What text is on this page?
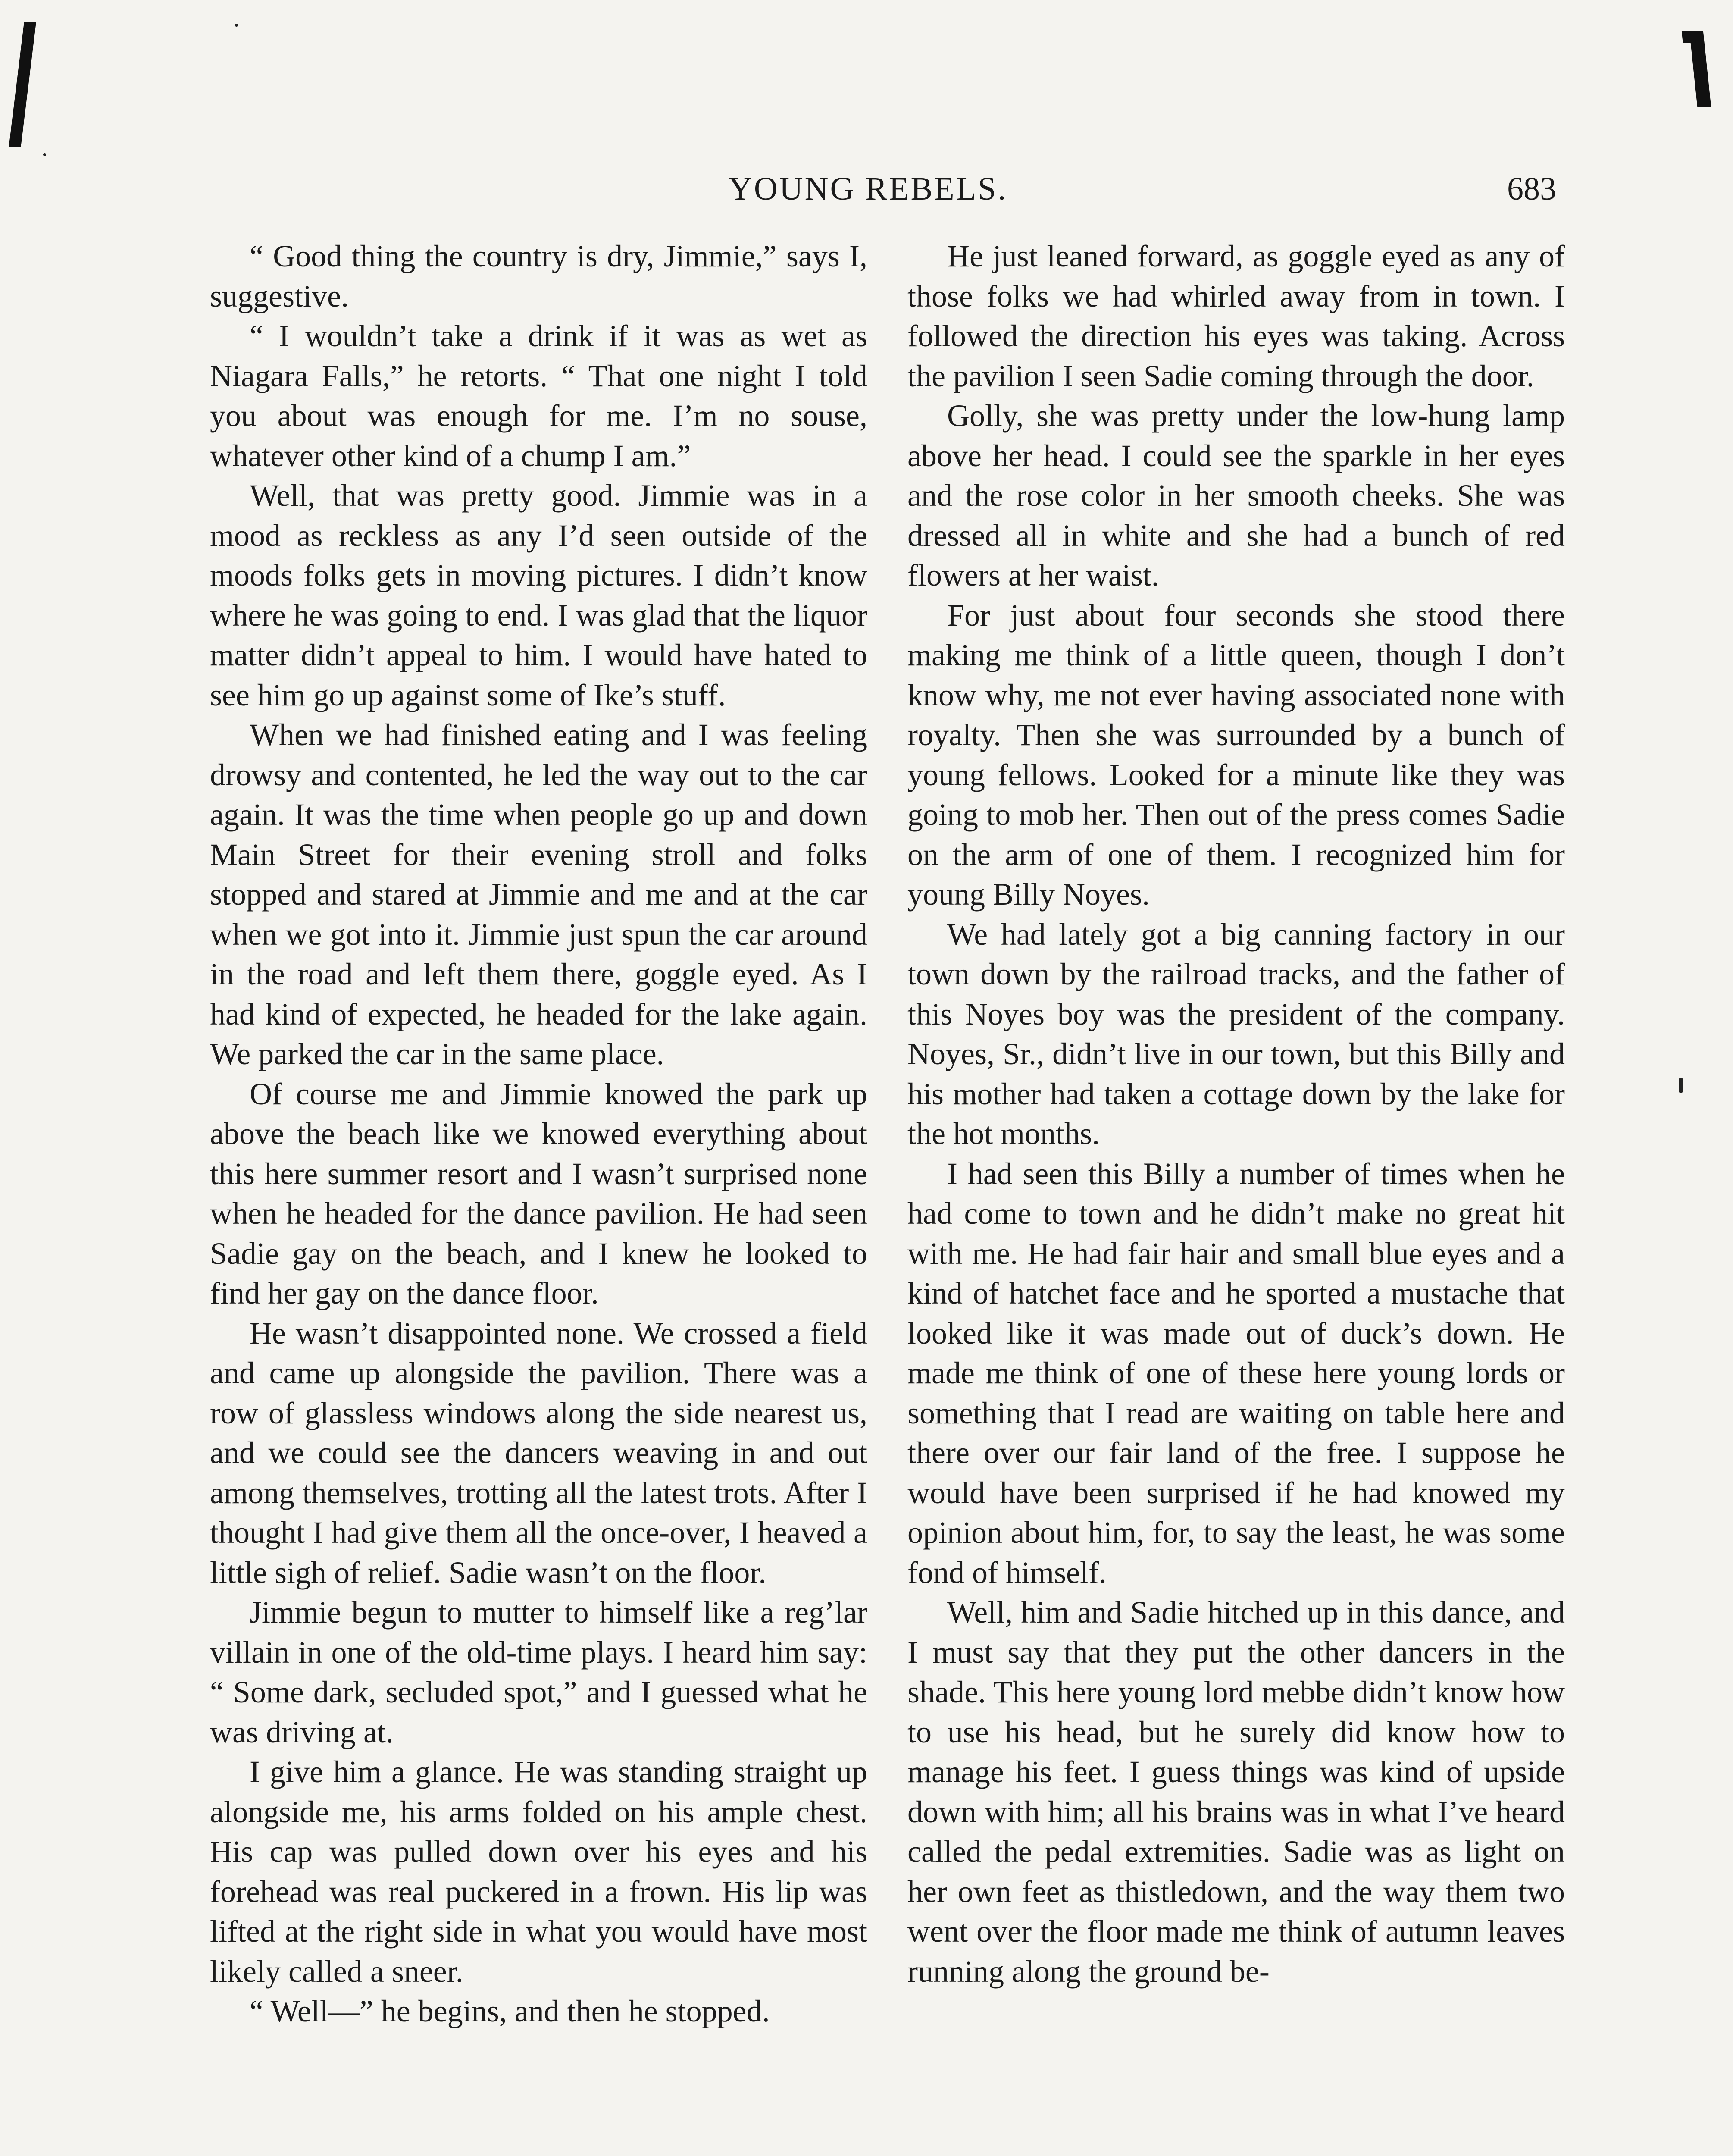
YOUNG REBELS.	683

“ Good thing the country is dry, Jimmie,” says I, suggestive.

“ I wouldn’t take a drink if it was as wet as Niagara Falls,” he retorts. “ That one night I told you about was enough for me. I’m no souse, whatever other kind of a chump I am.”

Well, that was pretty good. Jimmie was in a mood as reckless as any I’d seen outside of the moods folks gets in moving pictures. I didn’t know where he was going to end. I was glad that the liquor matter didn’t appeal to him. I would have hated to see him go up against some of Ike’s stuff.

When we had finished eating and I was feeling drowsy and contented, he led the way out to the car again. It was the time when people go up and down Main Street for their evening stroll and folks stopped and stared at Jimmie and me and at the car when we got into it. Jimmie just spun the car around in the road and left them there, goggle eyed. As I had kind of expected, he headed for the lake again. We parked the car in the same place.

Of course me and Jimmie knowed the park up above the beach like we knowed everything about this here summer resort and I wasn’t surprised none when he headed for the dance pavilion. He had seen Sadie gay on the beach, and I knew he looked to find her gay on the dance floor.

He wasn’t disappointed none. We crossed a field and came up alongside the pavilion. There was a row of glassless windows along the side nearest us, and we could see the dancers weaving in and out among themselves, trotting all the latest trots. After I thought I had give them all the once-over, I heaved a little sigh of relief. Sadie wasn’t on the floor.

Jimmie begun to mutter to himself like a reg’lar villain in one of the old-time plays. I heard him say: “ Some dark, secluded spot,” and I guessed what he was driving at.

I give him a glance. He was standing straight up alongside me, his arms folded on his ample chest. His cap was pulled down over his eyes and his forehead was real puckered in a frown. His lip was lifted at the right side in what you would have most likely called a sneer.

“ Well—” he begins, and then he stopped.

He just leaned forward, as goggle eyed as any of those folks we had whirled away from in town. I followed the direction his eyes was taking. Across the pavilion I seen Sadie coming through the door.

Golly, she was pretty under the low-hung lamp above her head. I could see the sparkle in her eyes and the rose color in her smooth cheeks. She was dressed all in white and she had a bunch of red flowers at her waist.

For just about four seconds she stood there making me think of a little queen, though I don’t know why, me not ever having associated none with royalty. Then she was surrounded by a bunch of young fellows. Looked for a minute like they was going to mob her. Then out of the press comes Sadie on the arm of one of them. I recognized him for young Billy Noyes.

We had lately got a big canning factory in our town down by the railroad tracks, and the father of this Noyes boy was the president of the company. Noyes, Sr., didn’t live in our town, but this Billy and his mother had taken a cottage down by the lake for the hot months.

I had seen this Billy a number of times when he had come to town and he didn’t make no great hit with me. He had fair hair and small blue eyes and a kind of hatchet face and he sported a mustache that looked like it was made out of duck’s down. He made me think of one of these here young lords or something that I read are waiting on table here and there over our fair land of the free. I suppose he would have been surprised if he had knowed my opinion about him, for, to say the least, he was some fond of himself.

Well, him and Sadie hitched up in this dance, and I must say that they put the other dancers in the shade. This here young lord mebbe didn’t know how to use his head, but he surely did know how to manage his feet. I guess things was kind of upside down with him; all his brains was in what I’ve heard called the pedal extremities. Sadie was as light on her own feet as thistledown, and the way them two went over the floor made me think of autumn leaves running along the ground be-
